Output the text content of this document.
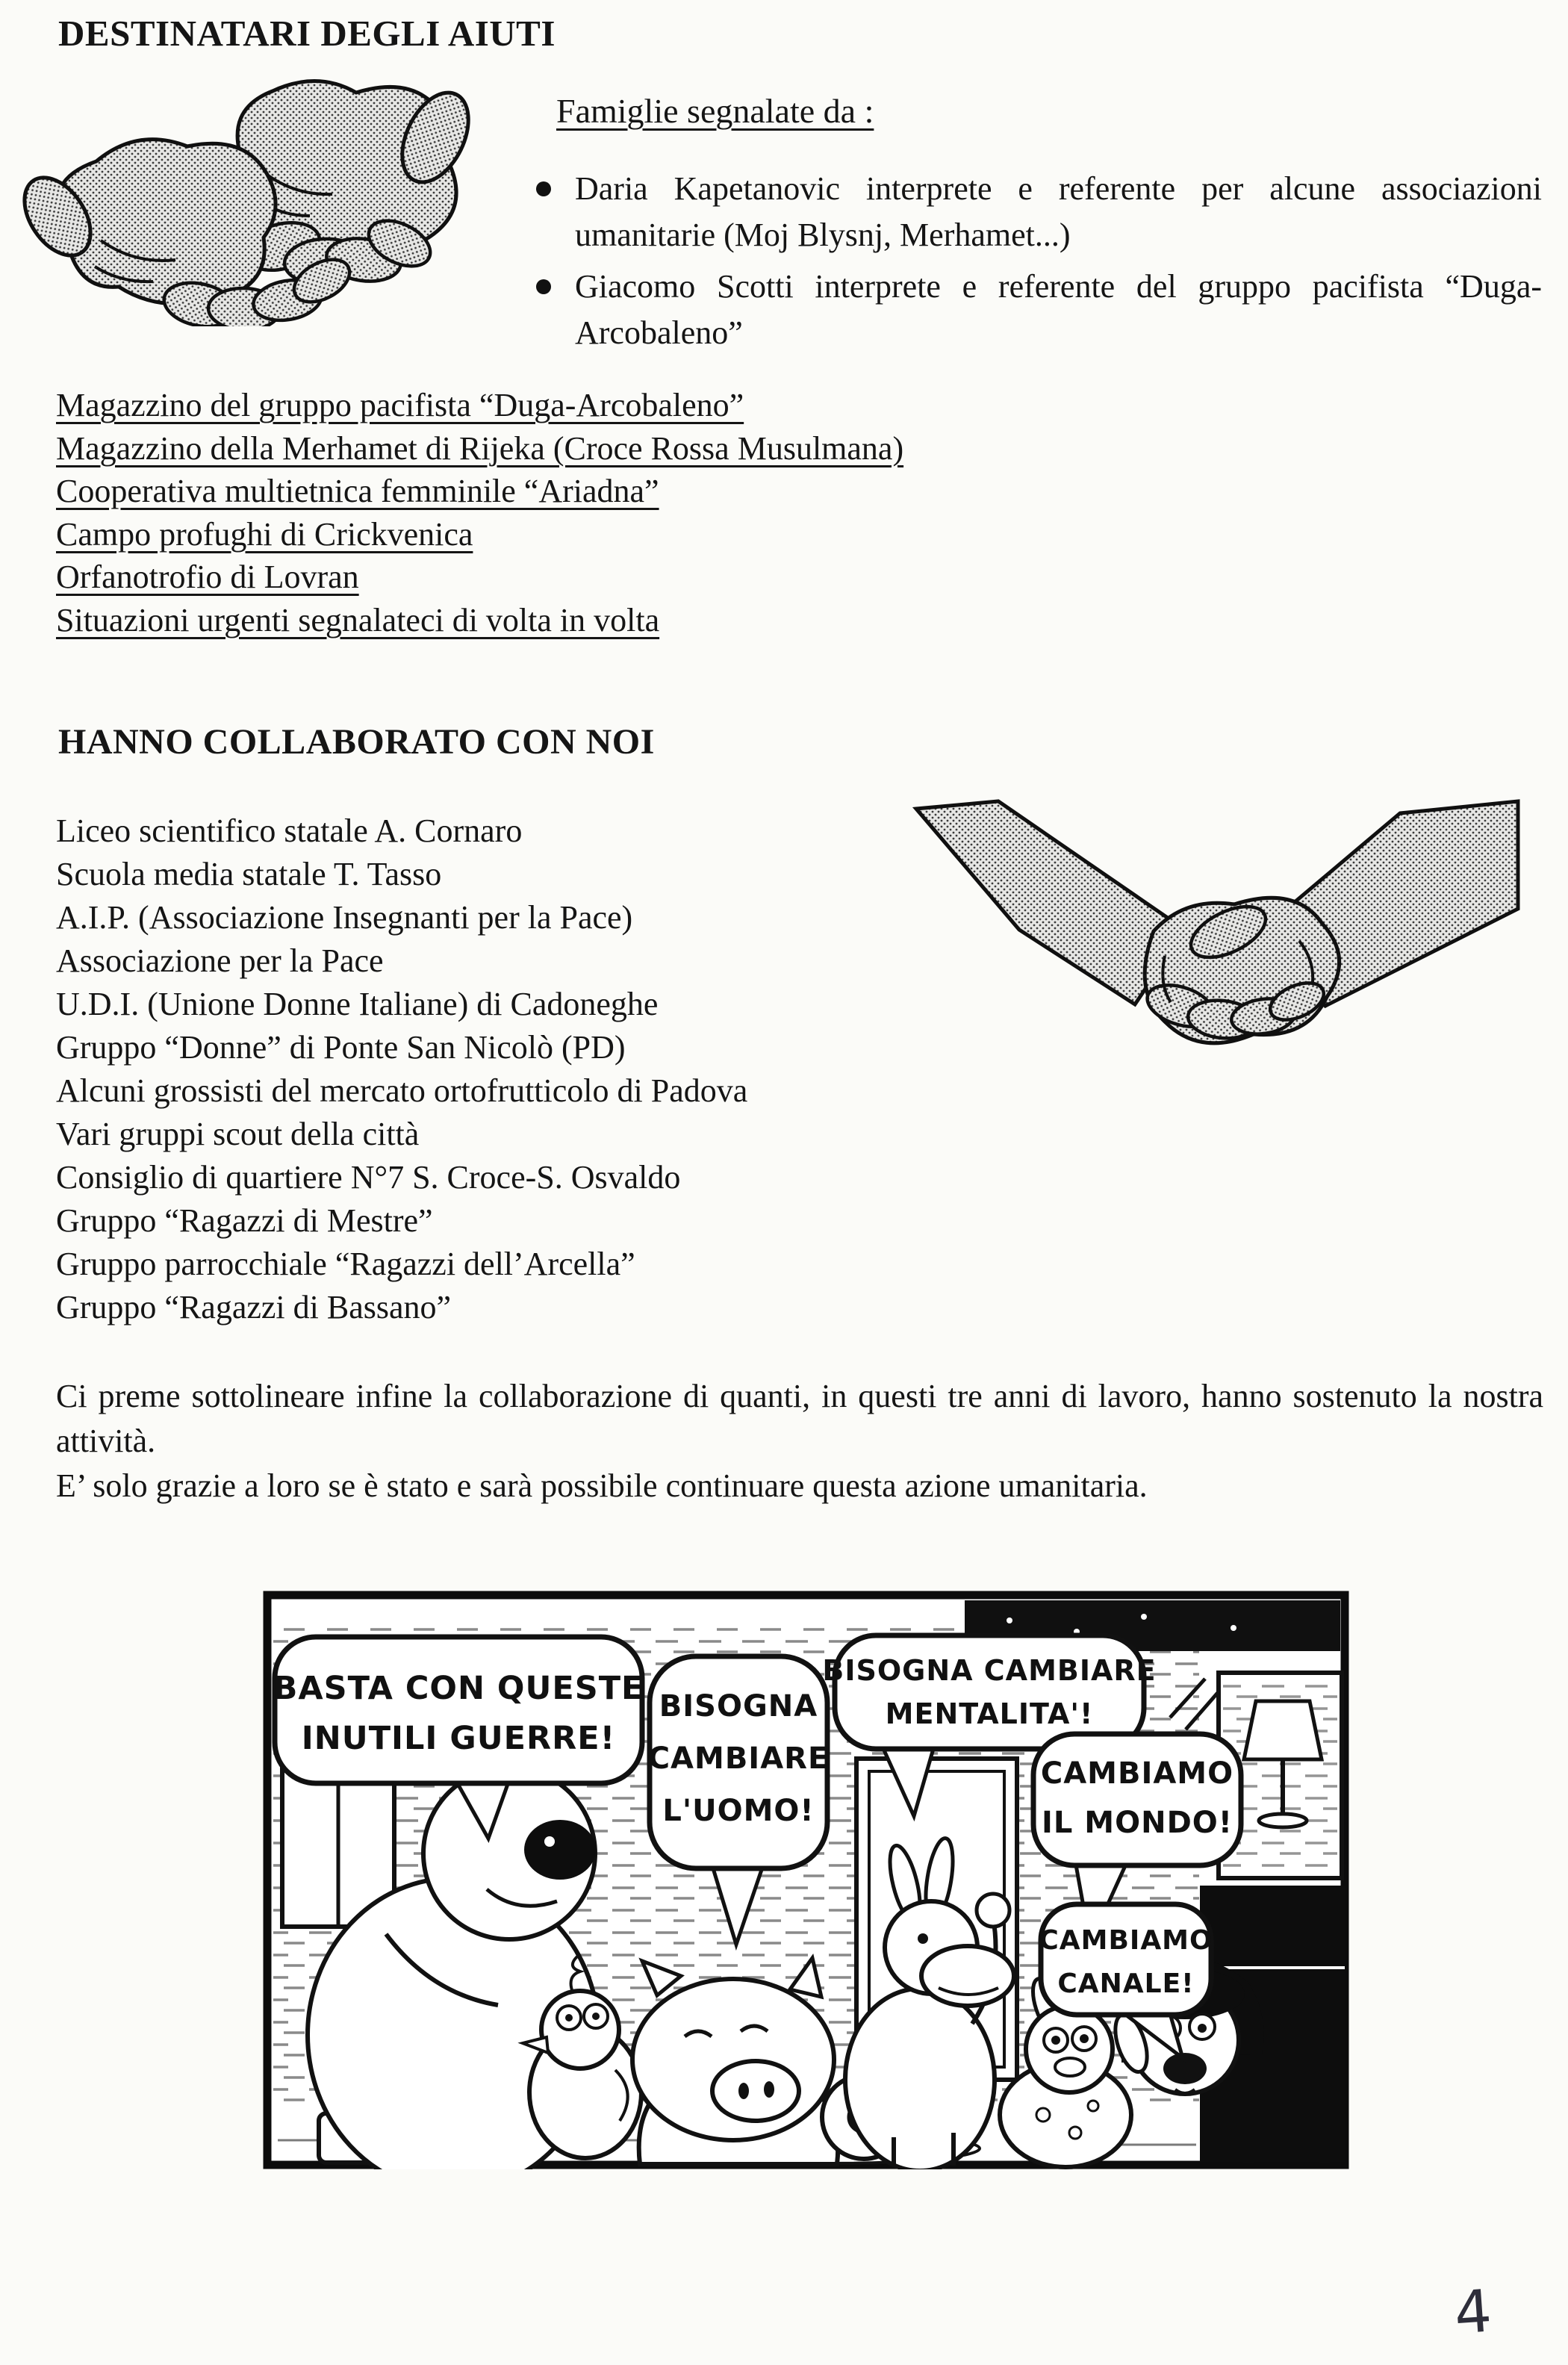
DESTINATARI DEGLI AIUTI
Famiglie segnalate da :
Daria Kapetanovic interprete e referente per alcune associazioni umanitarie (Moj Blysnj, Merhamet...)
Giacomo Scotti interprete e referente del gruppo pacifista “Duga-Arcobaleno”
Magazzino del gruppo pacifista “Duga-Arcobaleno”
Magazzino della Merhamet di Rijeka (Croce Rossa Musulmana)
Cooperativa multietnica femminile “Ariadna”
Campo profughi di Crickvenica
Orfanotrofio di Lovran
Situazioni urgenti segnalateci di volta in volta
HANNO COLLABORATO CON NOI
Liceo scientifico statale A. Cornaro
Scuola media statale T. Tasso
A.I.P. (Associazione Insegnanti per la Pace)
Associazione per la Pace
U.D.I. (Unione Donne Italiane) di Cadoneghe
Gruppo “Donne” di Ponte San Nicolò (PD)
Alcuni grossisti del mercato ortofrutticolo di Padova
Vari gruppi scout della città
Consiglio di quartiere N°7 S. Croce-S. Osvaldo
Gruppo “Ragazzi di Mestre”
Gruppo parrocchiale “Ragazzi dell’Arcella”
Gruppo “Ragazzi di Bassano”

Ci preme sottolineare infine la collaborazione di quanti, in questi tre anni di lavoro, hanno sostenuto la nostra attività.

E’ solo grazie a loro se è stato e sarà possibile continuare questa azione umanitaria.

BASTA CON QUESTE
INUTILI GUERRE!
BISOGNA
CAMBIARE
L'UOMO!
BISOGNA CAMBIARE
MENTALITA'!
CAMBIAMO
IL MONDO!
CAMBIAMO
CANALE!
4
